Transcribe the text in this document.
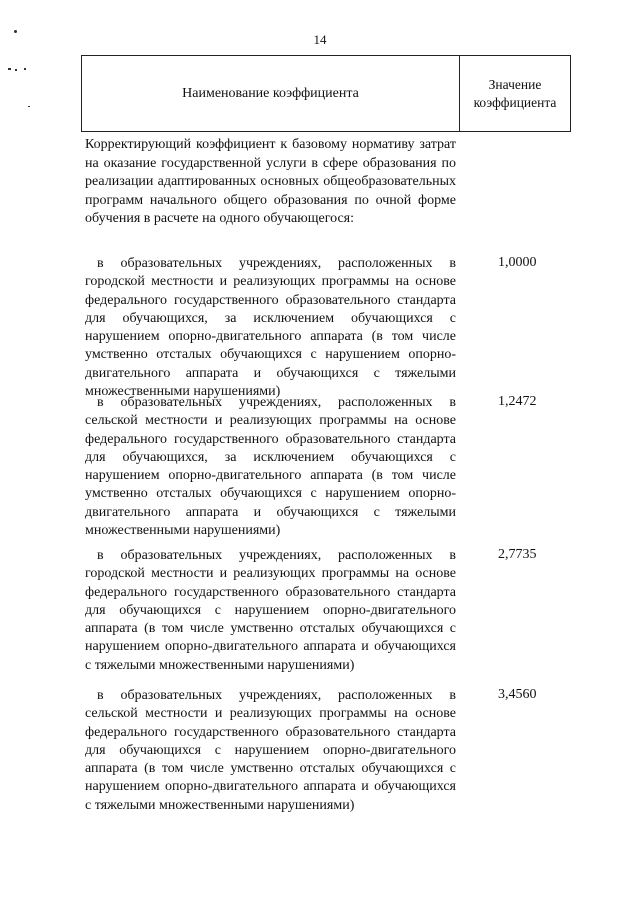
14
Наименование коэффициента
Значение коэффициента
Корректирующий коэффициент к базовому нормативу затрат на оказание государственной услуги в сфере образования по реализации адаптированных основных общеобразовательных программ начального общего образования по очной форме обучения в расчете на одного обучающегося:
в образовательных учреждениях, расположенных в городской местности и реализующих программы на основе федерального государственного образовательного стандарта для обучающихся, за исключением обучающихся с нарушением опорно-двигательного аппарата (в том числе умственно отсталых обучающихся с нарушением опорно-двигательного аппарата и обучающихся с тяжелыми множественными нарушениями)
1,0000
в образовательных учреждениях, расположенных в сельской местности и реализующих программы на основе федерального государственного образовательного стандарта для обучающихся, за исключением обучающихся с нарушением опорно-двигательного аппарата (в том числе умственно отсталых обучающихся с нарушением опорно-двигательного аппарата и обучающихся с тяжелыми множественными нарушениями)
1,2472
в образовательных учреждениях, расположенных в городской местности и реализующих программы на основе федерального государственного образовательного стандарта для обучающихся с нарушением опорно-двигательного аппарата (в том числе умственно отсталых обучающихся с нарушением опорно-двигательного аппарата и обучающихся с тяжелыми множественными нарушениями)
2,7735
в образовательных учреждениях, расположенных в сельской местности и реализующих программы на основе федерального государственного образовательного стандарта для обучающихся с нарушением опорно-двигательного аппарата (в том числе умственно отсталых обучающихся с нарушением опорно-двигательного аппарата и обучающихся с тяжелыми множественными нарушениями)
3,4560
